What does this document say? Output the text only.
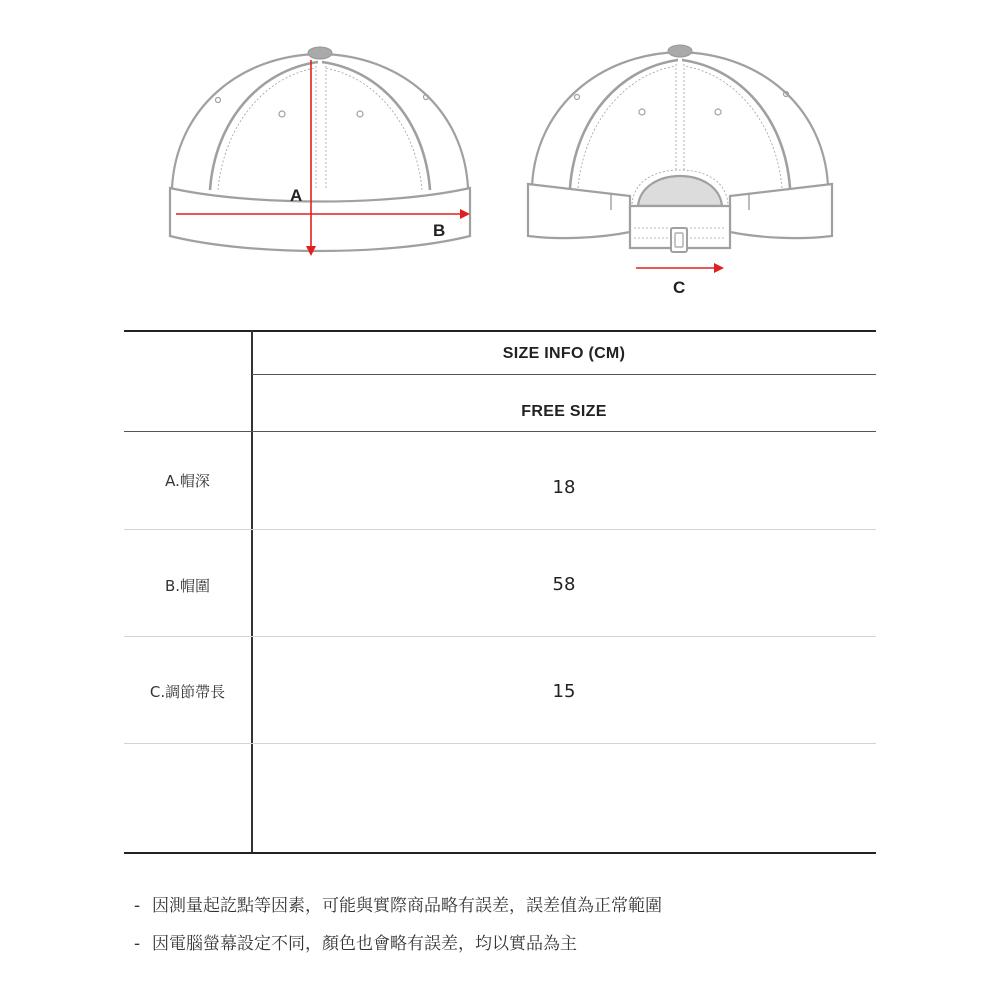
A
B
C
SIZE INFO (CM)
FREE SIZE
A.帽深	18
B.帽圍	58
C.調節帶長	15
- 因測量起訖點等因素，可能與實際商品略有誤差，誤差值為正常範圍
- 因電腦螢幕設定不同，顏色也會略有誤差，均以實品為主
